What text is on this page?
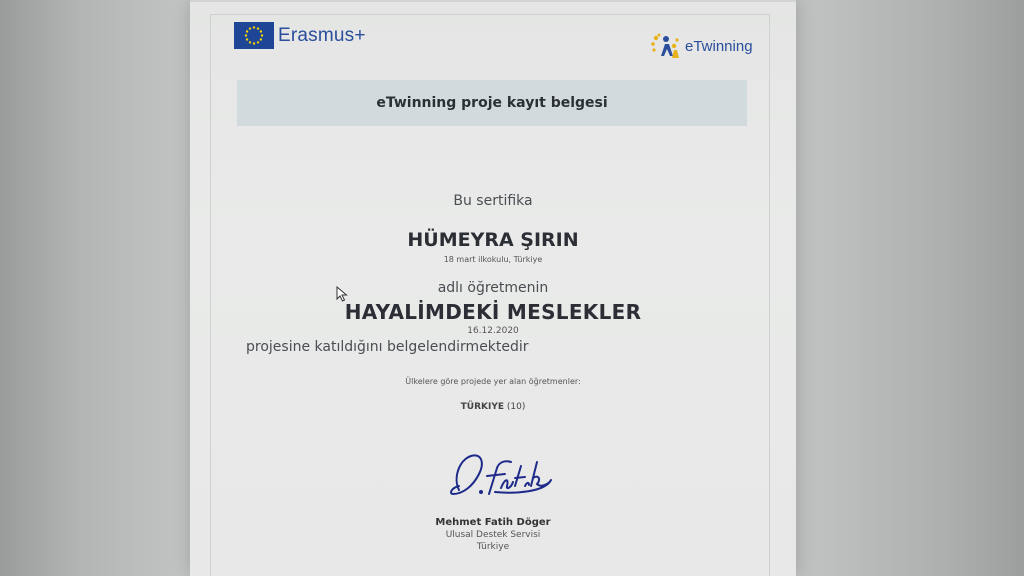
Erasmus+
eTwinning
eTwinning proje kayıt belgesi
Bu sertifika
HÜMEYRA ŞIRIN
18 mart ilkokulu, Türkiye
adlı öğretmenin
HAYALİMDEKİ MESLEKLER
16.12.2020
projesine katıldığını belgelendirmektedir
Ülkelere göre projede yer alan öğretmenler:
TÜRKIYE (10)
Mehmet Fatih Döger
Ulusal Destek Servisi
Türkiye
